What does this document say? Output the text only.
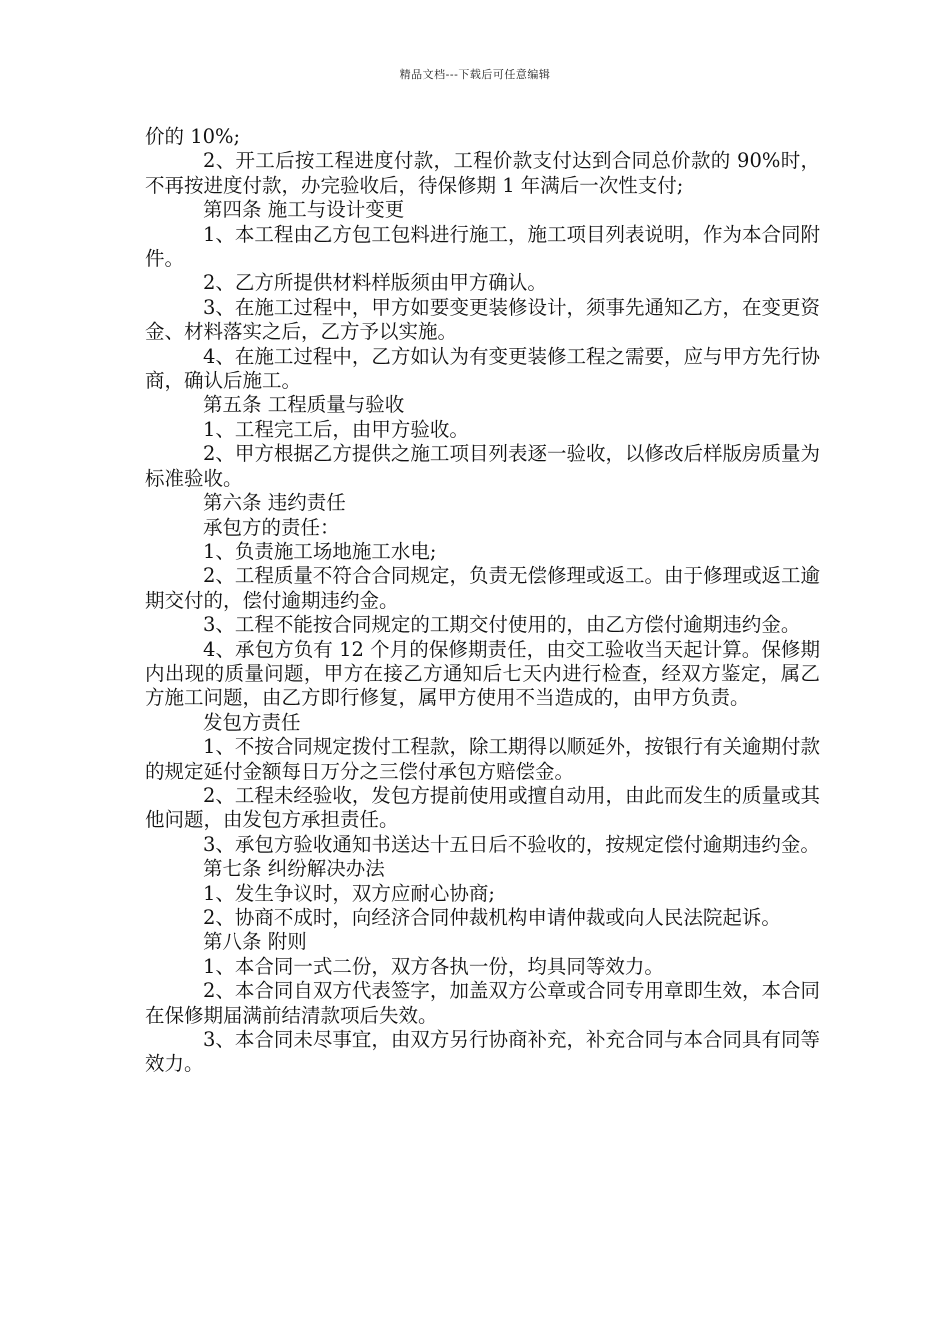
精品文档---下载后可任意编辑

价的 10%;

2、开工后按工程进度付款，工程价款支付达到合同总价款的 90%时，不再按进度付款，办完验收后，待保修期 1 年满后一次性支付;

第四条 施工与设计变更

1、本工程由乙方包工包料进行施工，施工项目列表说明，作为本合同附件。

2、乙方所提供材料样版须由甲方确认。

3、在施工过程中，甲方如要变更装修设计，须事先通知乙方，在变更资金、材料落实之后，乙方予以实施。

4、在施工过程中，乙方如认为有变更装修工程之需要，应与甲方先行协商，确认后施工。

第五条 工程质量与验收

1、工程完工后，由甲方验收。

2、甲方根据乙方提供之施工项目列表逐一验收，以修改后样版房质量为标准验收。

第六条 违约责任

承包方的责任：

1、负责施工场地施工水电;

2、工程质量不符合合同规定，负责无偿修理或返工。由于修理或返工逾期交付的，偿付逾期违约金。

3、工程不能按合同规定的工期交付使用的，由乙方偿付逾期违约金。

4、承包方负有 12 个月的保修期责任，由交工验收当天起计算。保修期内出现的质量问题，甲方在接乙方通知后七天内进行检查，经双方鉴定，属乙方施工问题，由乙方即行修复，属甲方使用不当造成的，由甲方负责。

发包方责任

1、不按合同规定拨付工程款，除工期得以顺延外，按银行有关逾期付款的规定延付金额每日万分之三偿付承包方赔偿金。

2、工程未经验收，发包方提前使用或擅自动用，由此而发生的质量或其他问题，由发包方承担责任。

3、承包方验收通知书送达十五日后不验收的，按规定偿付逾期违约金。

第七条 纠纷解决办法

1、发生争议时，双方应耐心协商;

2、协商不成时，向经济合同仲裁机构申请仲裁或向人民法院起诉。

第八条 附则

1、本合同一式二份，双方各执一份，均具同等效力。

2、本合同自双方代表签字，加盖双方公章或合同专用章即生效，本合同在保修期届满前结清款项后失效。

3、本合同未尽事宜，由双方另行协商补充，补充合同与本合同具有同等效力。
